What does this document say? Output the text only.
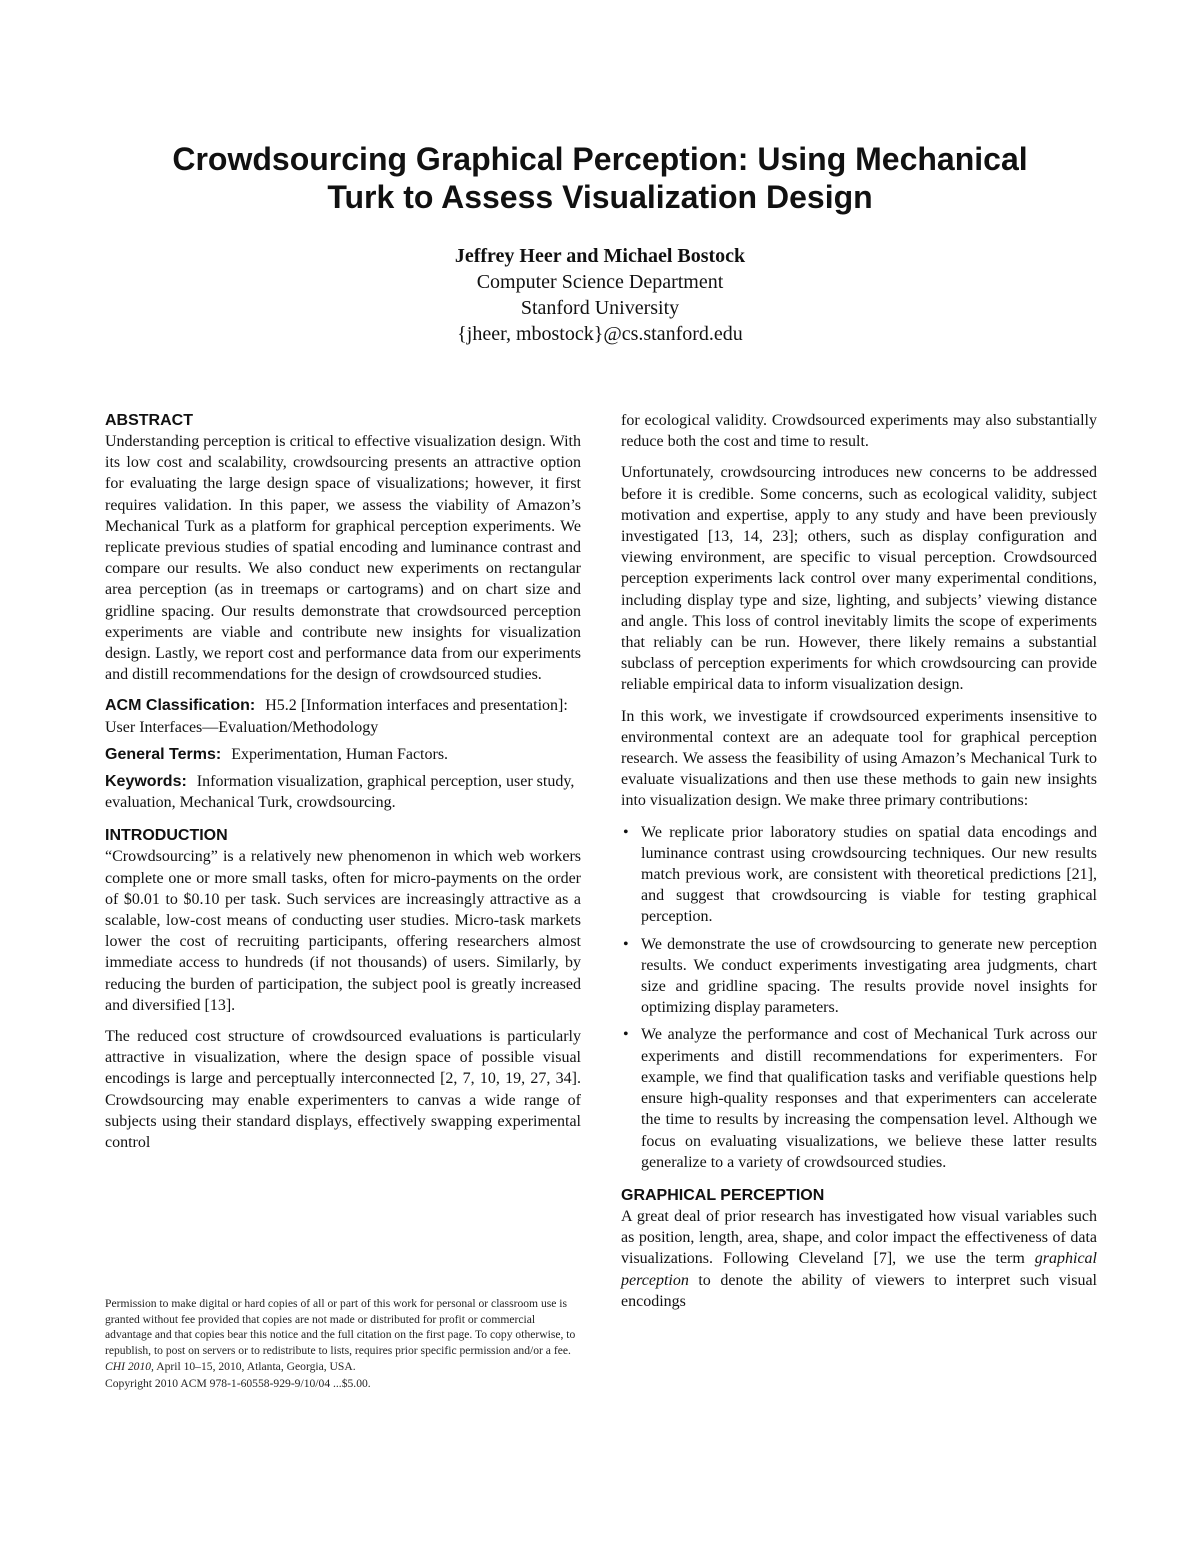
Crowdsourcing Graphical Perception: Using Mechanical
Turk to Assess Visualization Design
Jeffrey Heer and Michael Bostock
Computer Science Department
Stanford University
{jheer, mbostock}@cs.stanford.edu
ABSTRACT

Understanding perception is critical to effective visualization design. With its low cost and scalability, crowdsourcing presents an attractive option for evaluating the large design space of visualizations; however, it first requires validation. In this paper, we assess the viability of Amazon’s Mechanical Turk as a platform for graphical perception experiments. We replicate previous studies of spatial encoding and luminance contrast and compare our results. We also conduct new experiments on rectangular area perception (as in treemaps or cartograms) and on chart size and gridline spacing. Our results demonstrate that crowdsourced perception experiments are viable and contribute new insights for visualization design. Lastly, we report cost and performance data from our experiments and distill recommendations for the design of crowdsourced studies.

ACM Classification: H5.2 [Information interfaces and presentation]: User Interfaces—Evaluation/Methodology

General Terms: Experimentation, Human Factors.

Keywords: Information visualization, graphical perception, user study, evaluation, Mechanical Turk, crowdsourcing.

INTRODUCTION

“Crowdsourcing” is a relatively new phenomenon in which web workers complete one or more small tasks, often for micro-payments on the order of $0.01 to $0.10 per task. Such services are increasingly attractive as a scalable, low-cost means of conducting user studies. Micro-task markets lower the cost of recruiting participants, offering researchers almost immediate access to hundreds (if not thousands) of users. Similarly, by reducing the burden of participation, the subject pool is greatly increased and diversified [13].

The reduced cost structure of crowdsourced evaluations is particularly attractive in visualization, where the design space of possible visual encodings is large and perceptually interconnected [2, 7, 10, 19, 27, 34]. Crowdsourcing may enable experimenters to canvas a wide range of subjects using their standard displays, effectively swapping experimental control

Permission to make digital or hard copies of all or part of this work for personal or classroom use is granted without fee provided that copies are not made or distributed for profit or commercial advantage and that copies bear this notice and the full citation on the first page. To copy otherwise, to republish, to post on servers or to redistribute to lists, requires prior specific permission and/or a fee.

CHI 2010, April 10–15, 2010, Atlanta, Georgia, USA.

Copyright 2010 ACM 978-1-60558-929-9/10/04 ...$5.00.

for ecological validity. Crowdsourced experiments may also substantially reduce both the cost and time to result.

Unfortunately, crowdsourcing introduces new concerns to be addressed before it is credible. Some concerns, such as ecological validity, subject motivation and expertise, apply to any study and have been previously investigated [13, 14, 23]; others, such as display configuration and viewing environment, are specific to visual perception. Crowdsourced perception experiments lack control over many experimental conditions, including display type and size, lighting, and subjects’ viewing distance and angle. This loss of control inevitably limits the scope of experiments that reliably can be run. However, there likely remains a substantial subclass of perception experiments for which crowdsourcing can provide reliable empirical data to inform visualization design.

In this work, we investigate if crowdsourced experiments insensitive to environmental context are an adequate tool for graphical perception research. We assess the feasibility of using Amazon’s Mechanical Turk to evaluate visualizations and then use these methods to gain new insights into visualization design. We make three primary contributions:

• We replicate prior laboratory studies on spatial data encodings and luminance contrast using crowdsourcing techniques. Our new results match previous work, are consistent with theoretical predictions [21], and suggest that crowdsourcing is viable for testing graphical perception.
• We demonstrate the use of crowdsourcing to generate new perception results. We conduct experiments investigating area judgments, chart size and gridline spacing. The results provide novel insights for optimizing display parameters.
• We analyze the performance and cost of Mechanical Turk across our experiments and distill recommendations for experimenters. For example, we find that qualification tasks and verifiable questions help ensure high-quality responses and that experimenters can accelerate the time to results by increasing the compensation level. Although we focus on evaluating visualizations, we believe these latter results generalize to a variety of crowdsourced studies.
GRAPHICAL PERCEPTION

A great deal of prior research has investigated how visual variables such as position, length, area, shape, and color impact the effectiveness of data visualizations. Following Cleveland [7], we use the term graphical perception to denote the ability of viewers to interpret such visual encodings
